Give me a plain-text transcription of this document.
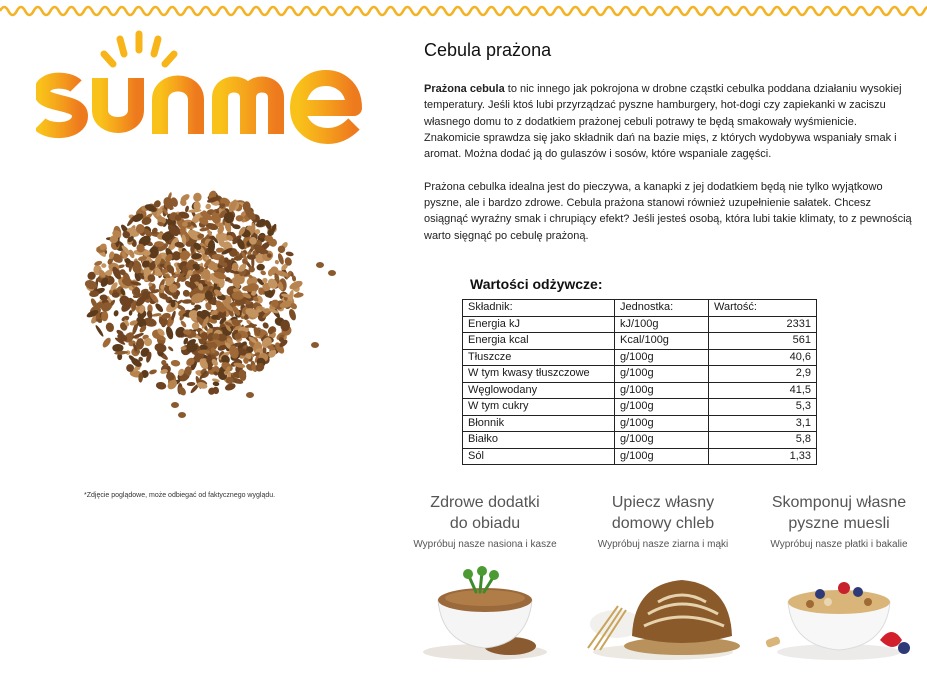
*Zdjęcie poglądowe, może odbiegać od faktycznego wyglądu.
Cebula prażona

Prażona cebula to nic innego jak pokrojona w drobne cząstki cebulka poddana działaniu wysokiej temperatury. Jeśli ktoś lubi przyrządzać pyszne hamburgery, hot-dogi czy zapiekanki w zaciszu własnego domu to z dodatkiem prażonej cebuli potrawy te będą smakowały wyśmienicie. Znakomicie sprawdza się jako składnik dań na bazie mięs, z których wydobywa wspaniały smak i aromat. Można dodać ją do gulaszów i sosów, które wspaniale zagęści.

Prażona cebulka idealna jest do pieczywa, a kanapki z jej dodatkiem będą nie tylko wyjątkowo pyszne, ale i bardzo zdrowe. Cebula prażona stanowi również uzupełnienie sałatek. Chcesz osiągnąć wyraźny smak i chrupiący efekt? Jeśli jesteś osobą, która lubi takie klimaty, to z pewnością warto sięgnąć po cebulę prażoną.

Wartości odżywcze:
Składnik:	Jednostka:	Wartość:
Energia kJ	kJ/100g	2331
Energia kcal	Kcal/100g	561
Tłuszcze	g/100g	40,6
W tym kwasy tłuszczowe	g/100g	2,9
Węglowodany	g/100g	41,5
W tym cukry	g/100g	5,3
Błonnik	g/100g	3,1
Białko	g/100g	5,8
Sól	g/100g	1,33
Zdrowe dodatki
do obiadu
Wypróbuj nasze nasiona i kasze
Upiecz własny
domowy chleb
Wypróbuj nasze ziarna i mąki
Skomponuj własne
pyszne muesli
Wypróbuj nasze płatki i bakalie
